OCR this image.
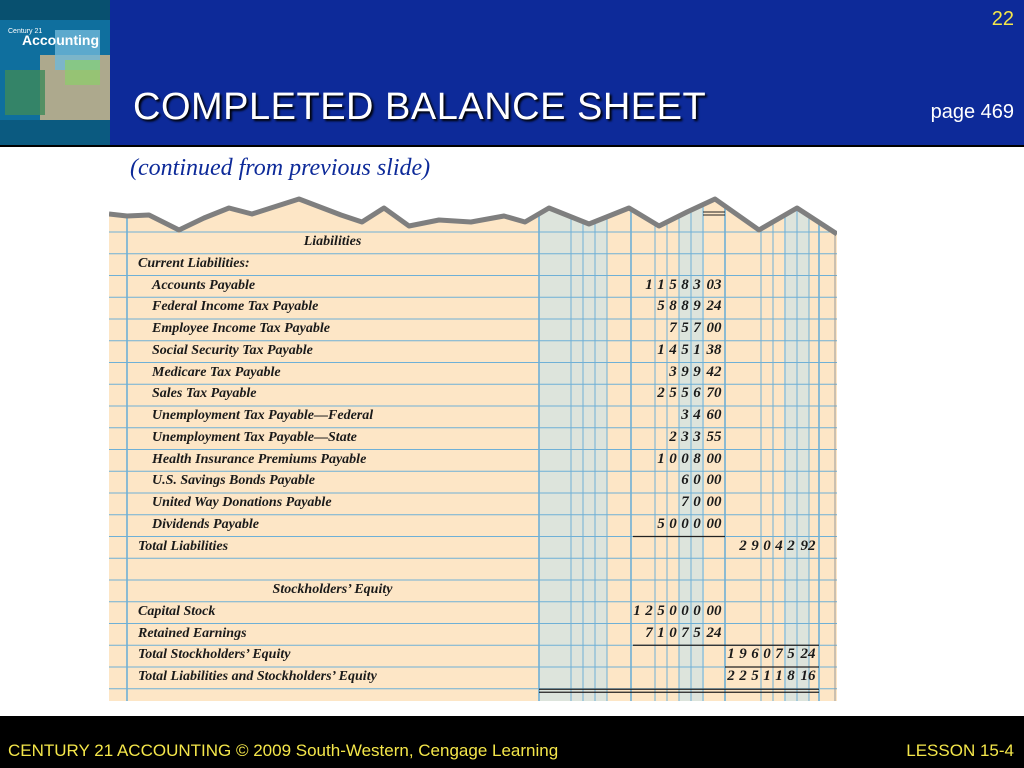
Century 21
Accounting
COMPLETED BALANCE SHEET
22
page 469
(continued from previous slide)
Liabilities
Current Liabilities:
Accounts Payable	1 1 5 8 3 03
Federal Income Tax Payable	5 8 8 9 24
Employee Income Tax Payable	7 5 7 00
Social Security Tax Payable	1 4 5 1 38
Medicare Tax Payable	3 9 9 42
Sales Tax Payable	2 5 5 6 70
Unemployment Tax Payable—Federal	3 4 60
Unemployment Tax Payable—State	2 3 3 55
Health Insurance Premiums Payable	1 0 0 8 00
U.S. Savings Bonds Payable	6 0 00
United Way Donations Payable	7 0 00
Dividends Payable	5 0 0 0 00
Total Liabilities	2 9 0 4 2 92
Stockholders’ Equity
Capital Stock	1 2 5 0 0 0 00
Retained Earnings	7 1 0 7 5 24
Total Stockholders’ Equity	1 9 6 0 7 5 24
Total Liabilities and Stockholders’ Equity	2 2 5 1 1 8 16
CENTURY 21 ACCOUNTING © 2009 South-Western, Cengage Learning	LESSON 15-4
